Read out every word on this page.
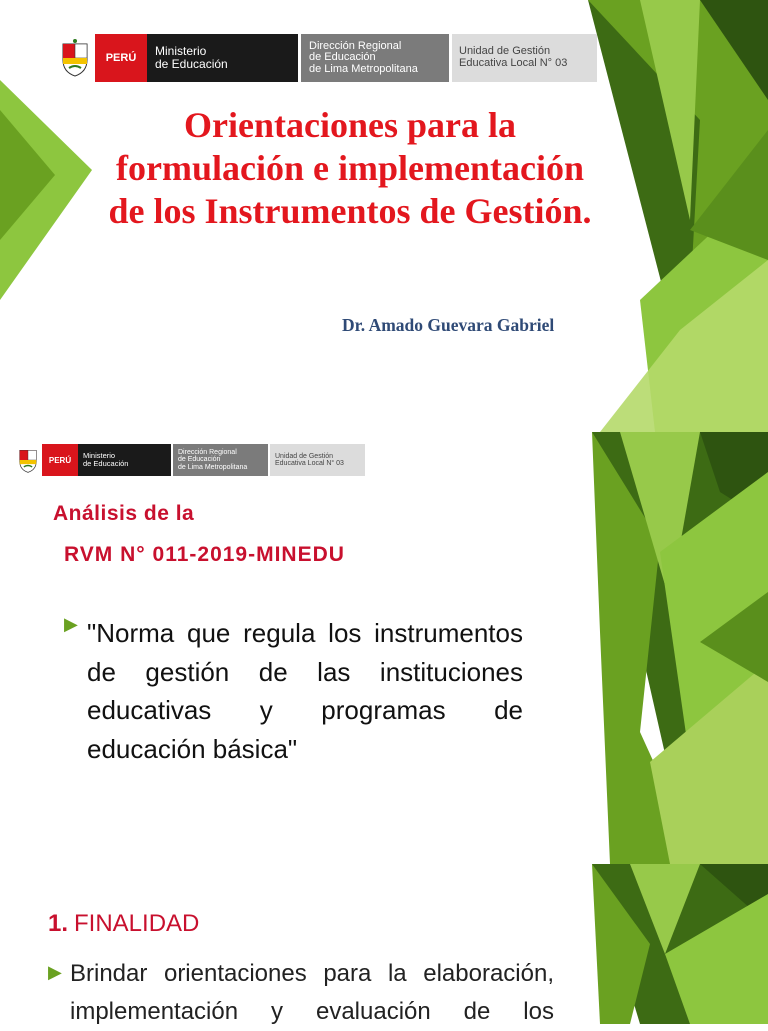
PERÚ	Ministerio
de Educación
Dirección Regional
de Educación
de Lima Metropolitana
Unidad de Gestión
Educativa Local N° 03
Orientaciones para la formulación e implementación de los Instrumentos de Gestión.
Dr. Amado Guevara Gabriel
PERÚ	Ministerio
de Educación
Dirección Regional
de Educación
de Lima Metropolitana
Unidad de Gestión
Educativa Local N° 03
Análisis de la
RVM N° 011-2019-MINEDU
▶ "Norma que regula los instrumentos de gestión de las instituciones educativas y programas de
educación básica"
1. FINALIDAD
▶ Brindar orientaciones para la elaboración, implementación y evaluación de los
